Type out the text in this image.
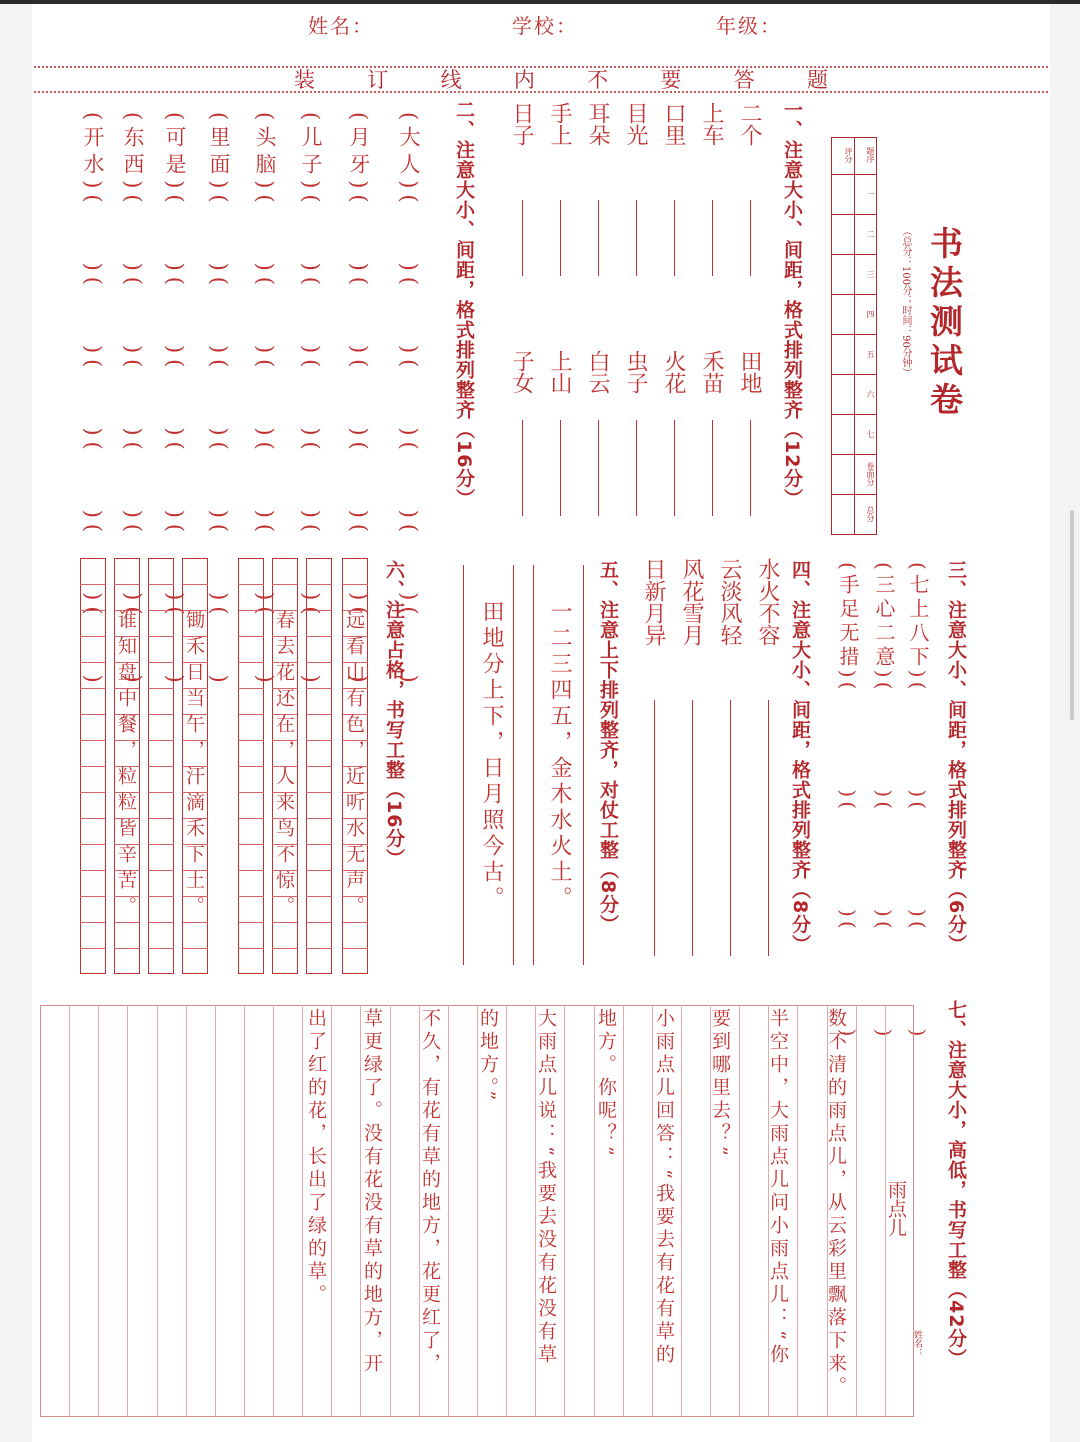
姓名：	学校：	年级：
装 订 线 内 不 要 答 题
书法测试卷
（总分：100分；时间：90分钟）
题序
评分
一
二
三
四
五
六
七
卷面分
总分
一、注意大小、间距，格式排列整齐（12分）
二、注意大小、间距，格式排列整齐（16分）
三、注意大小、间距，格式排列整齐（6分）
四、注意大小、间距，格式排列整齐（8分）
五、注意上下排列整齐，对仗工整（8分）
六、注意占格，书写工整（16分）
七、注意大小，高低，书写工整（42分）
姓名：
二个
田地
上车
禾苗
口里
火花
目光
虫子
耳朵
白云
手上
上山
日子
子女
(大人)(　　)(　　)(　　)(　　)(　　)(　　)
(月牙)(　　)(　　)(　　)(　　)(　　)(　　)
(儿子)(　　)(　　)(　　)(　　)(　　)(　　)
(头脑)(　　)(　　)(　　)(　　)(　　)(　　)
(里面)(　　)(　　)(　　)(　　)(　　)(　　)
(可是)(　　)(　　)(　　)(　　)(　　)(　　)
(东西)(　　)(　　)(　　)(　　)(　　)(　　)
(开水)(　　)(　　)(　　)(　　)(　　)(　　)
(七上八下)(　　　　)(　　　　)(　　　　)
(三心二意)(　　　　)(　　　　)(　　　　)
(手足无措)(　　　　)(　　　　)(　　　　)
水火不容
云淡风轻
风花雪月
日新月异
一二三四五，金木水火土。
田地分上下，日月照今古。
远看山有色，近听水无声。
春去花还在，人来鸟不惊。
锄禾日当午，汗滴禾下土。
谁知盘中餐，粒粒皆辛苦。
雨点儿
数不清的雨点儿，从云彩里飘落下来。
半空中，大雨点儿问小雨点儿：“你
要到哪里去？”
小雨点儿回答：“我要去有花有草的
地方。你呢？”
大雨点儿说：“我要去没有花没有草
的地方。”
不久，有花有草的地方，花更红了，
草更绿了。没有花没有草的地方，开
出了红的花，长出了绿的草。
